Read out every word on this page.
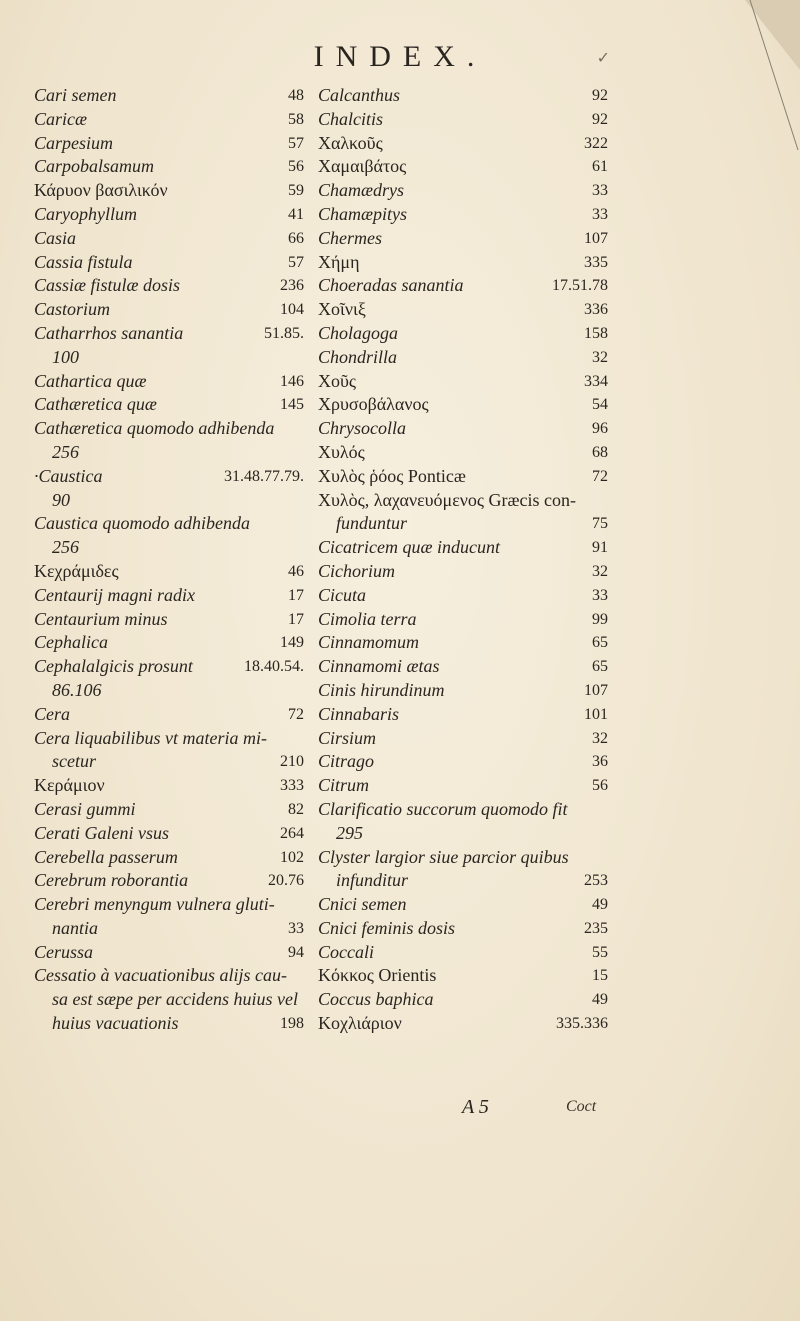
INDEX.	✓
Cari semen	48
Caricæ	58
Carpesium	57
Carpobalsamum	56
Κάρυον βασιλικόν	59
Caryophyllum	41
Casia	66
Cassia fistula	57
Cassiæ fistulæ dosis	236
Castorium	104
Catharrhos sanantia	51.85.
100
Cathartica quæ	146
Cathæretica quæ	145
Cathæretica quomodo adhibenda
256
·Caustica	31.48.77.79.
90
Caustica quomodo adhibenda
256
Κεχράμιδες	46
Centaurij magni radix	17
Centaurium minus	17
Cephalica	149
Cephalalgicis prosunt	18.40.54.
86.106
Cera	72
Cera liquabilibus vt materia mi-
scetur	210
Κεράμιον	333
Cerasi gummi	82
Cerati Galeni vsus	264
Cerebella passerum	102
Cerebrum roborantia	20.76
Cerebri menyngum vulnera gluti-
nantia	33
Cerussa	94
Cessatio à vacuationibus alijs cau-
sa est sæpe per accidens huius vel
huius vacuationis	198
Calcanthus	92
Chalcitis	92
Χαλκοῦς	322
Χαμαιβάτος	61
Chamædrys	33
Chamæpitys	33
Chermes	107
Χήμη	335
Choeradas sanantia	17.51.78
Χοῖνιξ	336
Cholagoga	158
Chondrilla	32
Χοῦς	334
Χρυσοβάλανος	54
Chrysocolla	96
Χυλός	68
Χυλὸς ῥόος Ponticæ	72
Χυλὸς, λαχανευόμενος Græcis con-
funduntur	75
Cicatricem quæ inducunt	91
Cichorium	32
Cicuta	33
Cimolia terra	99
Cinnamomum	65
Cinnamomi ætas	65
Cinis hirundinum	107
Cinnabaris	101
Cirsium	32
Citrago	36
Citrum	56
Clarificatio succorum quomodo fit
295
Clyster largior siue parcior quibus
infunditur	253
Cnici semen	49
Cnici feminis dosis	235
Coccali	55
Κόκκος Orientis	15
Coccus baphica	49
Κοχλιάριον	335.336
A 5	Coct
